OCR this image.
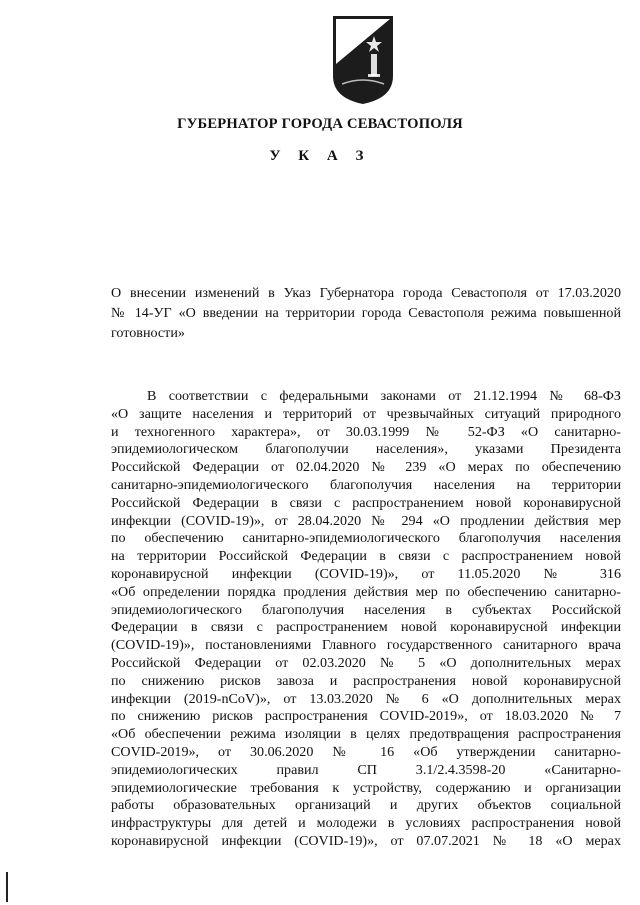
ГУБЕРНАТОР ГОРОДА СЕВАСТОПОЛЯ
У К А З
О внесении изменений в Указ Губернатора города Севастополя от 17.03.2020
№ 14-УГ «О введении на территории города Севастополя режима повышенной
готовности»
В соответствии с федеральными законами от 21.12.1994 № 68-ФЗ
«О защите населения и территорий от чрезвычайных ситуаций природного
и техногенного характера», от 30.03.1999 № 52-ФЗ «О санитарно-
эпидемиологическом благополучии населения», указами Президента
Российской Федерации от 02.04.2020 № 239 «О мерах по обеспечению
санитарно-эпидемиологического благополучия населения на территории
Российской Федерации в связи с распространением новой коронавирусной
инфекции (COVID-19)», от 28.04.2020 № 294 «О продлении действия мер
по обеспечению санитарно-эпидемиологического благополучия населения
на территории Российской Федерации в связи с распространением новой
коронавирусной инфекции (COVID-19)», от 11.05.2020 № 316
«Об определении порядка продления действия мер по обеспечению санитарно-
эпидемиологического благополучия населения в субъектах Российской
Федерации в связи с распространением новой коронавирусной инфекции
(COVID-19)», постановлениями Главного государственного санитарного врача
Российской Федерации от 02.03.2020 № 5 «О дополнительных мерах
по снижению рисков завоза и распространения новой коронавирусной
инфекции (2019-nCoV)», от 13.03.2020 № 6 «О дополнительных мерах
по снижению рисков распространения COVID-2019», от 18.03.2020 № 7
«Об обеспечении режима изоляции в целях предотвращения распространения
COVID-2019», от 30.06.2020 № 16 «Об утверждении санитарно-
эпидемиологических правил СП 3.1/2.4.3598-20 «Санитарно-
эпидемиологические требования к устройству, содержанию и организации
работы образовательных организаций и других объектов социальной
инфраструктуры для детей и молодежи в условиях распространения новой
коронавирусной инфекции (COVID-19)», от 07.07.2021 № 18 «О мерах
